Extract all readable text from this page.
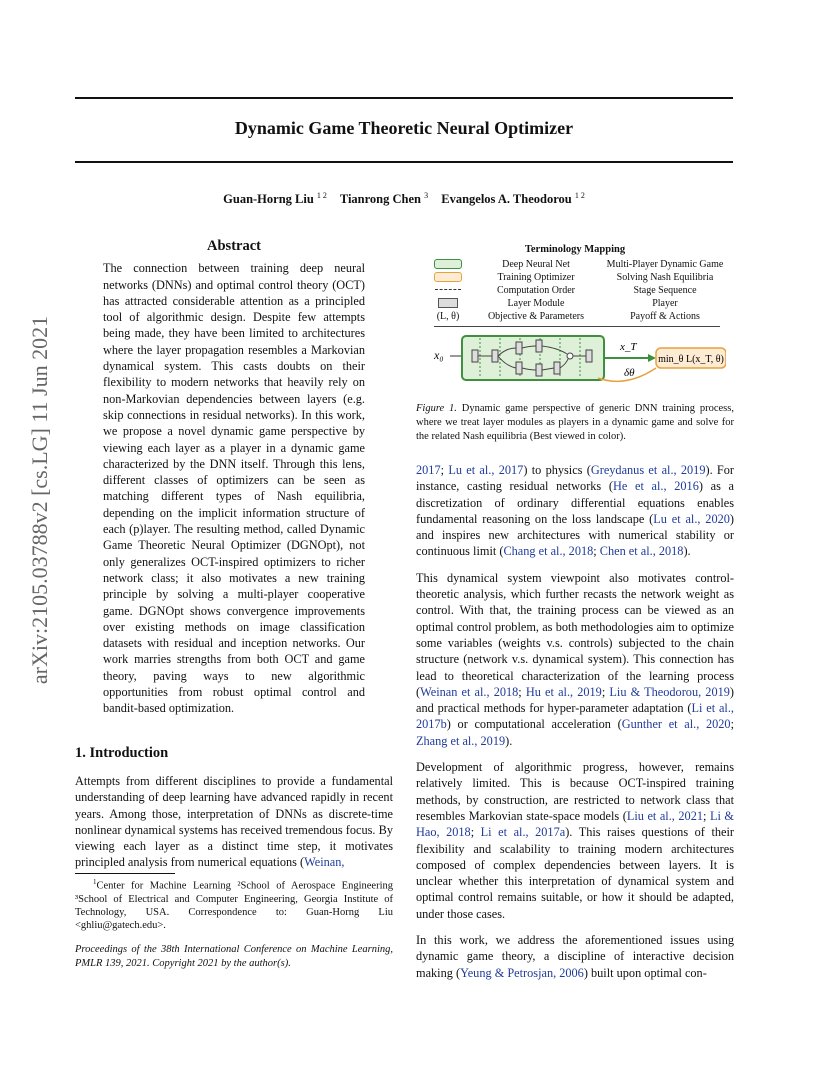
Dynamic Game Theoretic Neural Optimizer
Guan-Horng Liu $^{1 2}$ Tianrong Chen $^3$ Evangelos A. Theodorou $^{1 2}$
arXiv:2105.03788v2 [cs.LG] 11 Jun 2021
Abstract

The connection between training deep neural networks (DNNs) and optimal control theory (OCT) has attracted considerable attention as a principled tool of algorithmic design. Despite few attempts being made, they have been limited to architectures where the layer propagation resembles a Markovian dynamical system. This casts doubts on their flexibility to modern networks that heavily rely on non-Markovian dependencies between layers (e.g. skip connections in residual networks). In this work, we propose a novel dynamic game perspective by viewing each layer as a player in a dynamic game characterized by the DNN itself. Through this lens, different classes of optimizers can be seen as matching different types of Nash equilibria, depending on the implicit information structure of each (p)layer. The resulting method, called Dynamic Game Theoretic Neural Optimizer (DGNOpt), not only generalizes OCT-inspired optimizers to richer network class; it also motivates a new training principle by solving a multi-player cooperative game. DGNOpt shows convergence improvements over existing methods on image classification datasets with residual and inception networks. Our work marries strengths from both OCT and game theory, paving ways to new algorithmic opportunities from robust optimal control and bandit-based optimization.

1. Introduction

Attempts from different disciplines to provide a fundamental understanding of deep learning have advanced rapidly in recent years. Among those, interpretation of DNNs as discrete-time nonlinear dynamical systems has received tremendous focus. By viewing each layer as a distinct time step, it motivates principled analysis from numerical equations (Weinan,

$^1$Center for Machine Learning ²School of Aerospace Engineering ³School of Electrical and Computer Engineering, Georgia Institute of Technology, USA. Correspondence to: Guan-Horng Liu <ghliu@gatech.edu>.
Proceedings of the 38th International Conference on Machine Learning, PMLR 139, 2021. Copyright 2021 by the author(s).
Terminology Mapping
Deep Neural Net	Multi-Player Dynamic Game
Training Optimizer	Solving Nash Equilibria
Computation Order	Stage Sequence
Layer Module	Player
(L, θ)	Objective & Parameters	Payoff & Actions
x₀
x_T
δθ
min_θ L(x_T, θ)
Figure 1. Dynamic game perspective of generic DNN training process, where we treat layer modules as players in a dynamic game and solve for the related Nash equilibria (Best viewed in color).

2017; Lu et al., 2017) to physics (Greydanus et al., 2019). For instance, casting residual networks (He et al., 2016) as a discretization of ordinary differential equations enables fundamental reasoning on the loss landscape (Lu et al., 2020) and inspires new architectures with numerical stability or continuous limit (Chang et al., 2018; Chen et al., 2018).

This dynamical system viewpoint also motivates control-theoretic analysis, which further recasts the network weight as control. With that, the training process can be viewed as an optimal control problem, as both methodologies aim to optimize some variables (weights v.s. controls) subjected to the chain structure (network v.s. dynamical system). This connection has lead to theoretical characterization of the learning process (Weinan et al., 2018; Hu et al., 2019; Liu & Theodorou, 2019) and practical methods for hyper-parameter adaptation (Li et al., 2017b) or computational acceleration (Gunther et al., 2020; Zhang et al., 2019).

Development of algorithmic progress, however, remains relatively limited. This is because OCT-inspired training methods, by construction, are restricted to network class that resembles Markovian state-space models (Liu et al., 2021; Li & Hao, 2018; Li et al., 2017a). This raises questions of their flexibility and scalability to training modern architectures composed of complex dependencies between layers. It is unclear whether this interpretation of dynamical system and optimal control remains suitable, or how it should be adapted, under those cases.

In this work, we address the aforementioned issues using dynamic game theory, a discipline of interactive decision making (Yeung & Petrosjan, 2006) built upon optimal con-
